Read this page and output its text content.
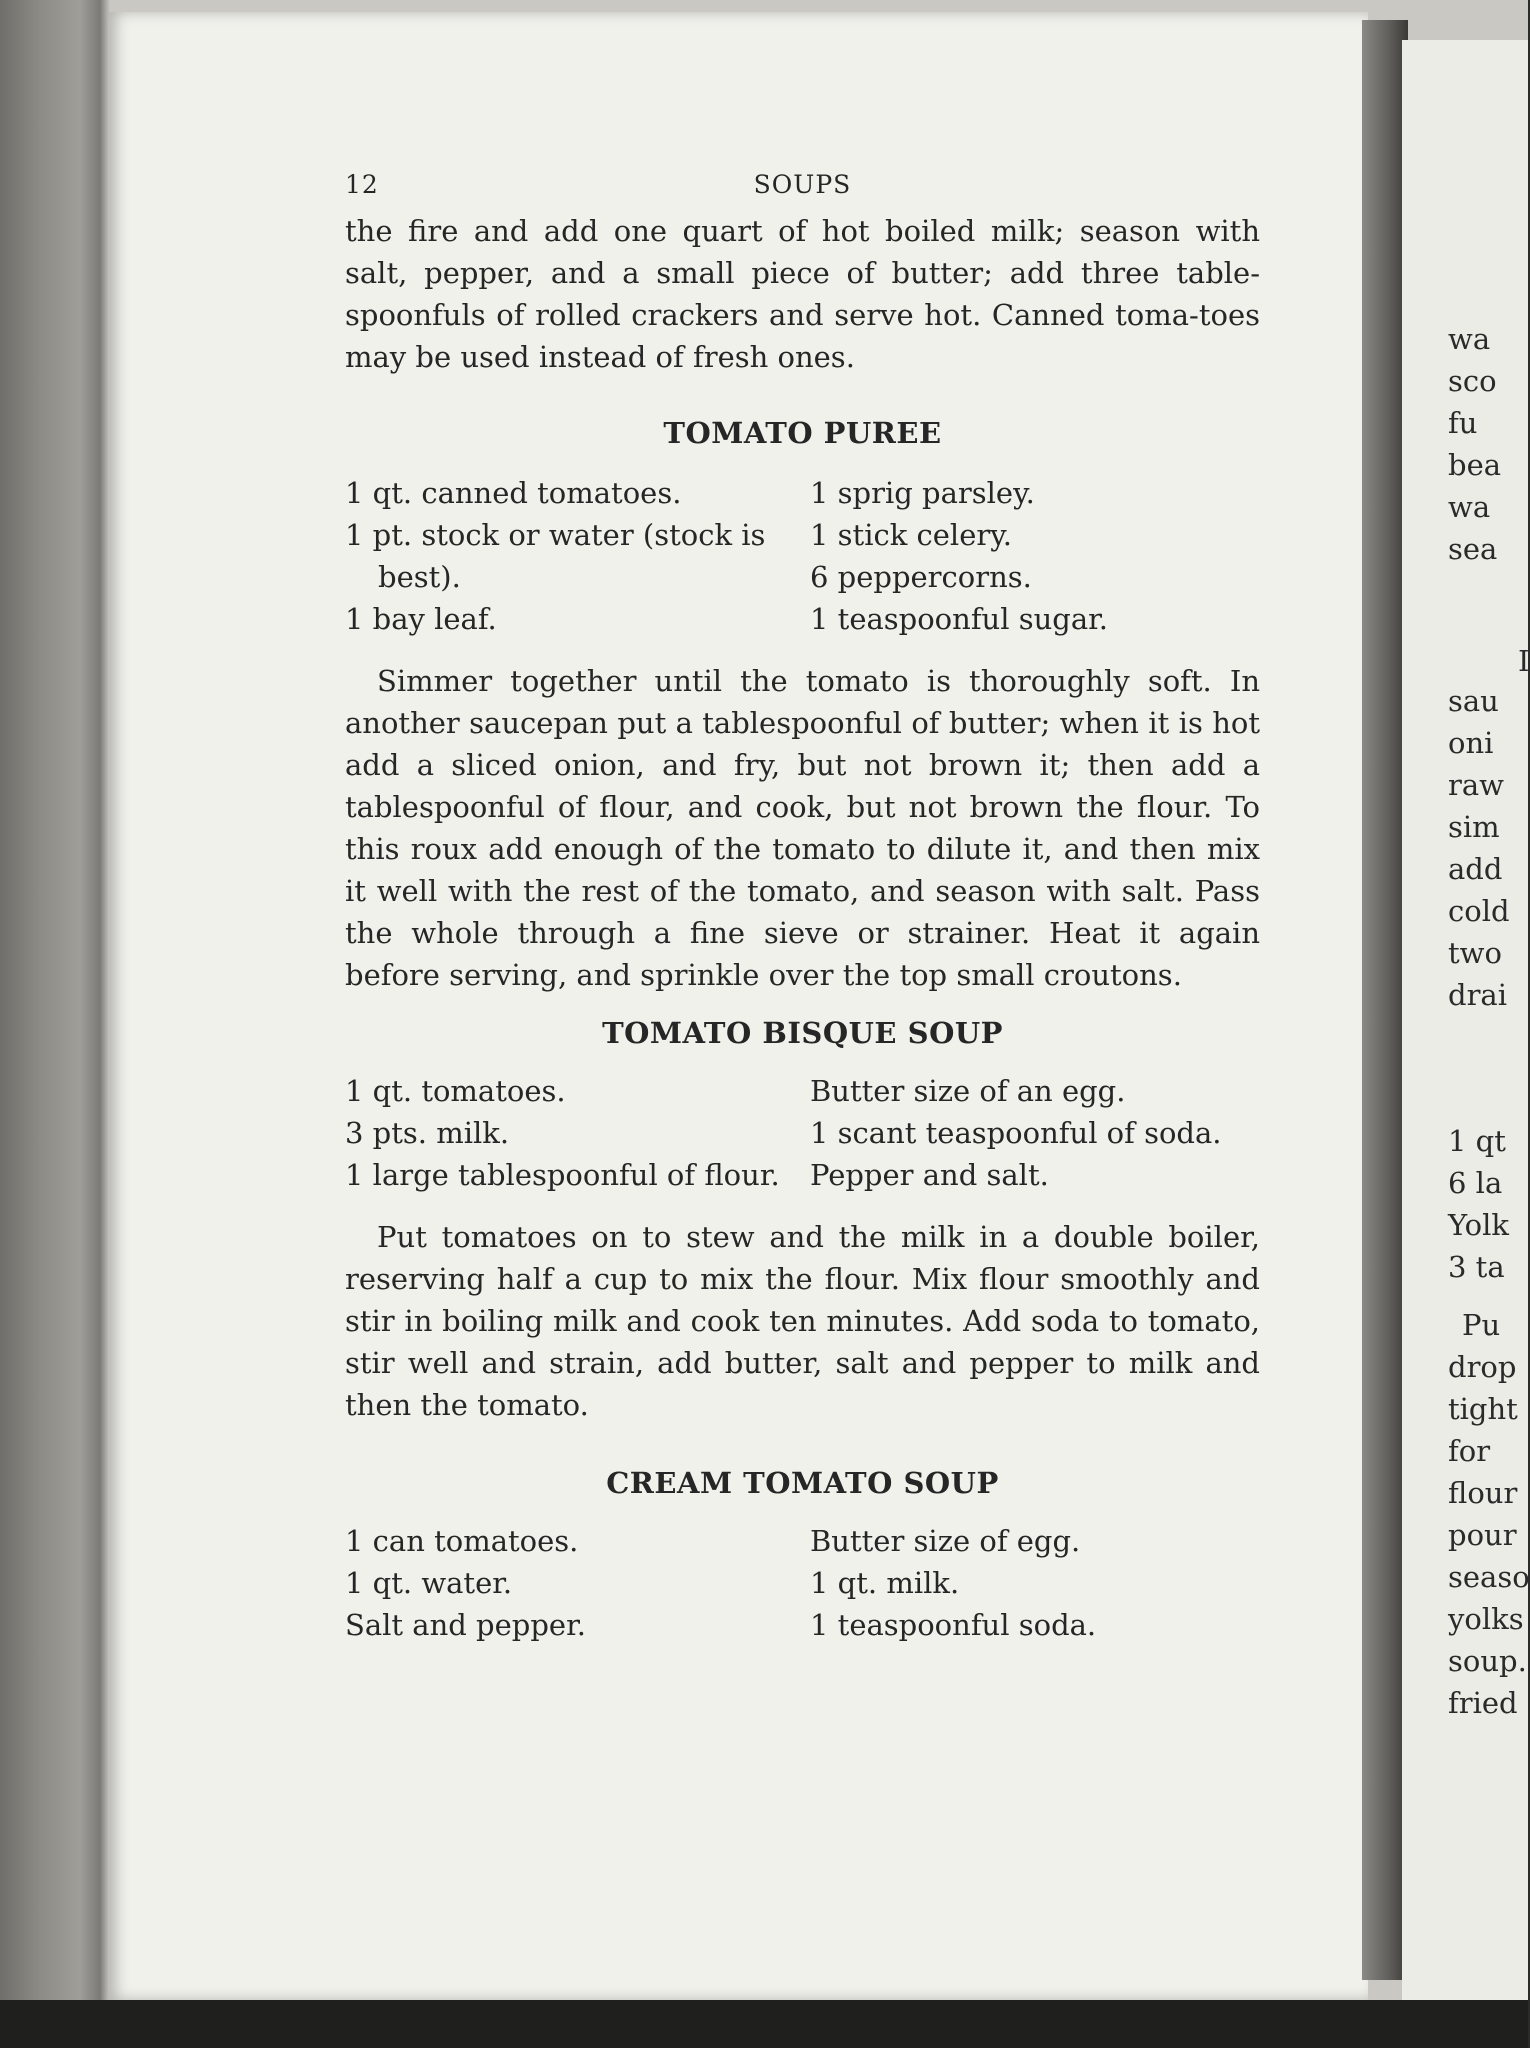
wa
sco
fu
bea
wa
sea
I
sau
oni
raw
sim
add
cold
two
drai
1 qt
6 la
Yolk
3 ta
Pu
drop
tight
for
flour
pour
seaso
yolks
soup.
fried
12	SOUPS

the fire and add one quart of hot boiled milk; season with salt, pepper, and a small piece of butter; add three table-spoonfuls of rolled crackers and serve hot. Canned toma-toes may be used instead of fresh ones.

TOMATO PUREE
1 qt. canned tomatoes.
1 pt. stock or water (stock is best).
1 bay leaf.
1 sprig parsley.
1 stick celery.
6 peppercorns.
1 teaspoonful sugar.

Simmer together until the tomato is thoroughly soft. In another saucepan put a tablespoonful of butter; when it is hot add a sliced onion, and fry, but not brown it; then add a tablespoonful of flour, and cook, but not brown the flour. To this roux add enough of the tomato to dilute it, and then mix it well with the rest of the tomato, and season with salt. Pass the whole through a fine sieve or strainer. Heat it again before serving, and sprinkle over the top small croutons.

TOMATO BISQUE SOUP
1 qt. tomatoes.
3 pts. milk.
1 large tablespoonful of flour.
Butter size of an egg.
1 scant teaspoonful of soda.
Pepper and salt.

Put tomatoes on to stew and the milk in a double boiler, reserving half a cup to mix the flour. Mix flour smoothly and stir in boiling milk and cook ten minutes. Add soda to tomato, stir well and strain, add butter, salt and pepper to milk and then the tomato.

CREAM TOMATO SOUP
1 can tomatoes.
1 qt. water.
Salt and pepper.
Butter size of egg.
1 qt. milk.
1 teaspoonful soda.
